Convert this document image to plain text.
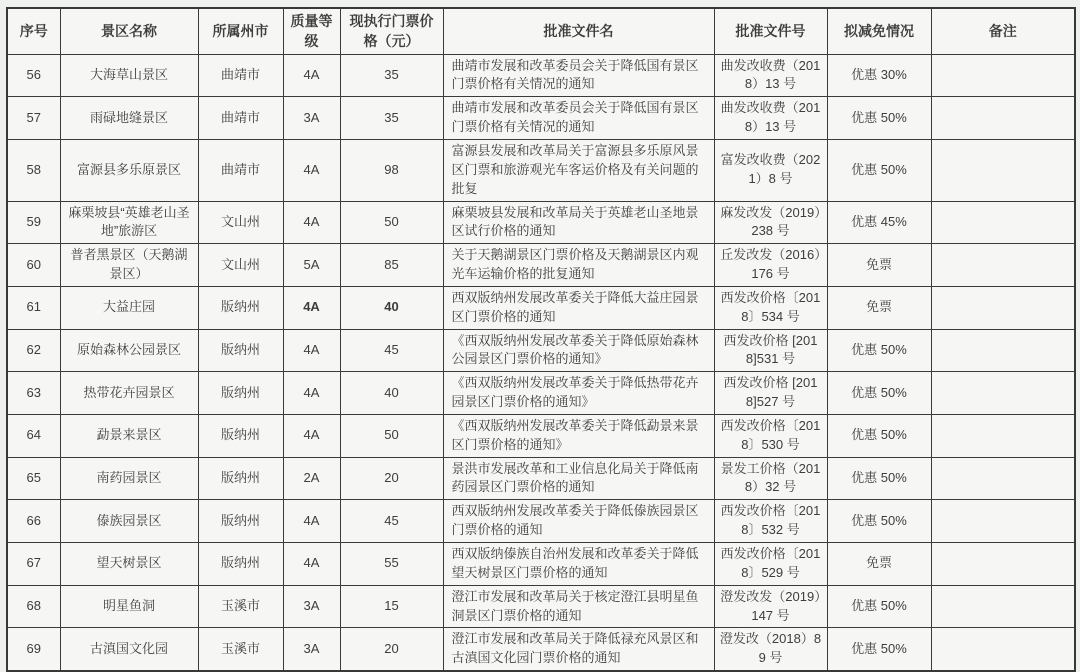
序号	景区名称	所属州市	质量等级	现执行门票价格（元）	批准文件名	批准文件号	拟减免情况	备注
56	大海草山景区	曲靖市	4A	35	曲靖市发展和改革委员会关于降低国有景区门票价格有关情况的通知	曲发改收费（2018）13 号	优惠 30%	
57	雨碌地缝景区	曲靖市	3A	35	曲靖市发展和改革委员会关于降低国有景区门票价格有关情况的通知	曲发改收费（2018）13 号	优惠 50%	
58	富源县多乐原景区	曲靖市	4A	98	富源县发展和改革局关于富源县多乐原风景区门票和旅游观光车客运价格及有关问题的批复	富发改收费（2021）8 号	优惠 50%	
59	麻栗坡县“英雄老山圣地”旅游区	文山州	4A	50	麻栗坡县发展和改革局关于英雄老山圣地景区试行价格的通知	麻发改发（2019）238 号	优惠 45%	
60	普者黑景区（天鹅湖景区）	文山州	5A	85	关于天鹅湖景区门票价格及天鹅湖景区内观光车运输价格的批复通知	丘发改发（2016）176 号	免票	
61	大益庄园	版纳州	4A	40	西双版纳州发展改革委关于降低大益庄园景区门票价格的通知	西发改价格〔2018〕534 号	免票	
62	原始森林公园景区	版纳州	4A	45	《西双版纳州发展改革委关于降低原始森林公园景区门票价格的通知》	西发改价格 [2018]531 号	优惠 50%	
63	热带花卉园景区	版纳州	4A	40	《西双版纳州发展改革委关于降低热带花卉园景区门票价格的通知》	西发改价格 [2018]527 号	优惠 50%	
64	勐景来景区	版纳州	4A	50	《西双版纳州发展改革委关于降低勐景来景区门票价格的通知》	西发改价格〔2018〕530 号	优惠 50%	
65	南药园景区	版纳州	2A	20	景洪市发展改革和工业信息化局关于降低南药园景区门票价格的通知	景发工价格（2018）32 号	优惠 50%	
66	傣族园景区	版纳州	4A	45	西双版纳州发展改革委关于降低傣族园景区门票价格的通知	西发改价格〔2018〕532 号	优惠 50%	
67	望天树景区	版纳州	4A	55	西双版纳傣族自治州发展和改革委关于降低望天树景区门票价格的通知	西发改价格〔2018〕529 号	免票	
68	明星鱼洞	玉溪市	3A	15	澄江市发展和改革局关于核定澄江县明星鱼洞景区门票价格的通知	澄发改发（2019）147 号	优惠 50%	
69	古滇国文化园	玉溪市	3A	20	澄江市发展和改革局关于降低禄充风景区和古滇国文化园门票价格的通知	澄发改（2018）89 号	优惠 50%	
